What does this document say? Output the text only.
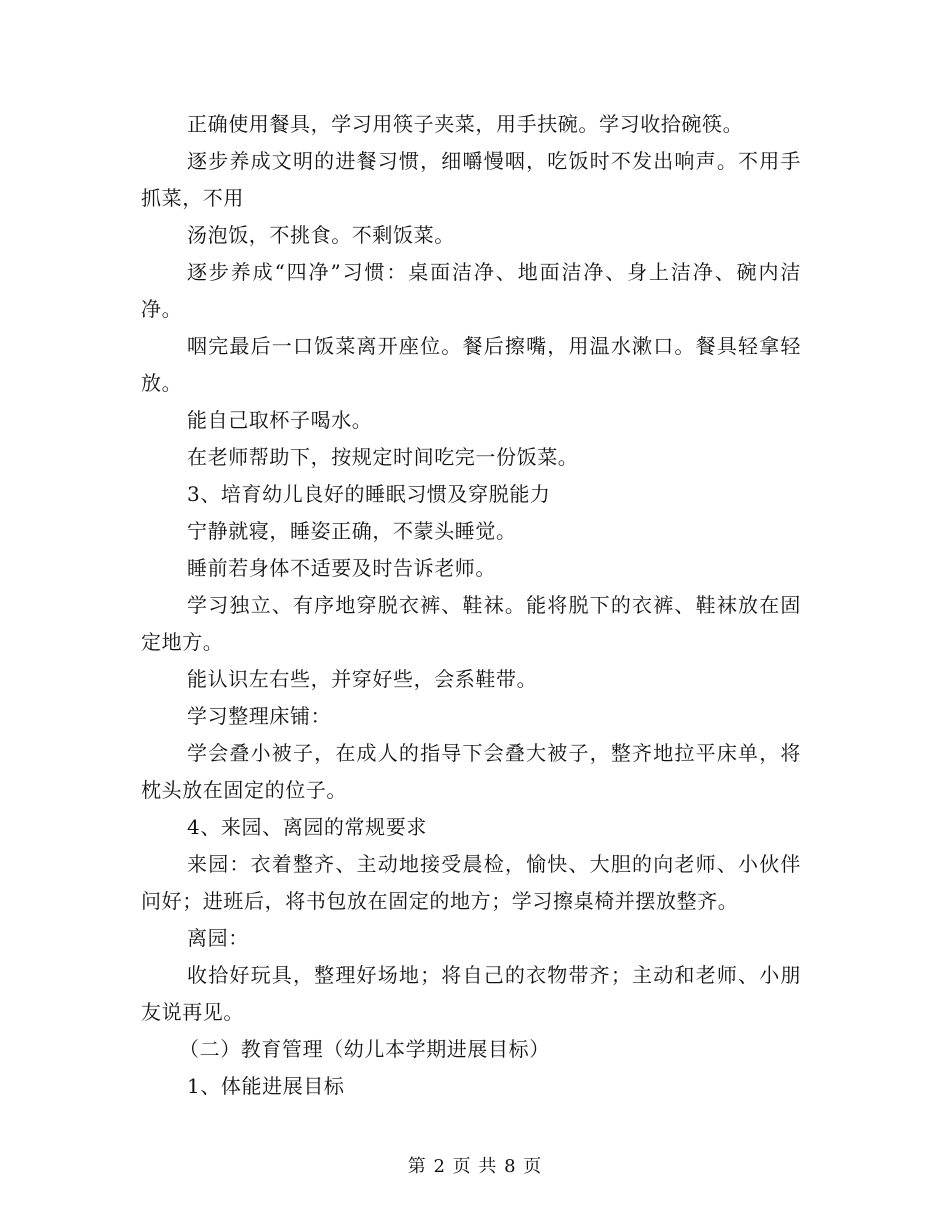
正确使用餐具，学习用筷子夹菜，用手扶碗。学习收拾碗筷。

逐步养成文明的进餐习惯，细嚼慢咽，吃饭时不发出响声。不用手抓菜，不用

汤泡饭，不挑食。不剩饭菜。

逐步养成“四净”习惯：桌面洁净、地面洁净、身上洁净、碗内洁净。

咽完最后一口饭菜离开座位。餐后擦嘴，用温水漱口。餐具轻拿轻放。

能自己取杯子喝水。

在老师帮助下，按规定时间吃完一份饭菜。

3、培育幼儿良好的睡眠习惯及穿脱能力

宁静就寝，睡姿正确，不蒙头睡觉。

睡前若身体不适要及时告诉老师。

学习独立、有序地穿脱衣裤、鞋袜。能将脱下的衣裤、鞋袜放在固定地方。

能认识左右些，并穿好些，会系鞋带。

学习整理床铺：

学会叠小被子，在成人的指导下会叠大被子，整齐地拉平床单，将枕头放在固定的位子。

4、来园、离园的常规要求

来园：衣着整齐、主动地接受晨检，愉快、大胆的向老师、小伙伴问好；进班后，将书包放在固定的地方；学习擦桌椅并摆放整齐。

离园：

收拾好玩具，整理好场地；将自己的衣物带齐；主动和老师、小朋友说再见。

（二）教育管理（幼儿本学期进展目标）

1、体能进展目标

第 2 页 共 8 页
